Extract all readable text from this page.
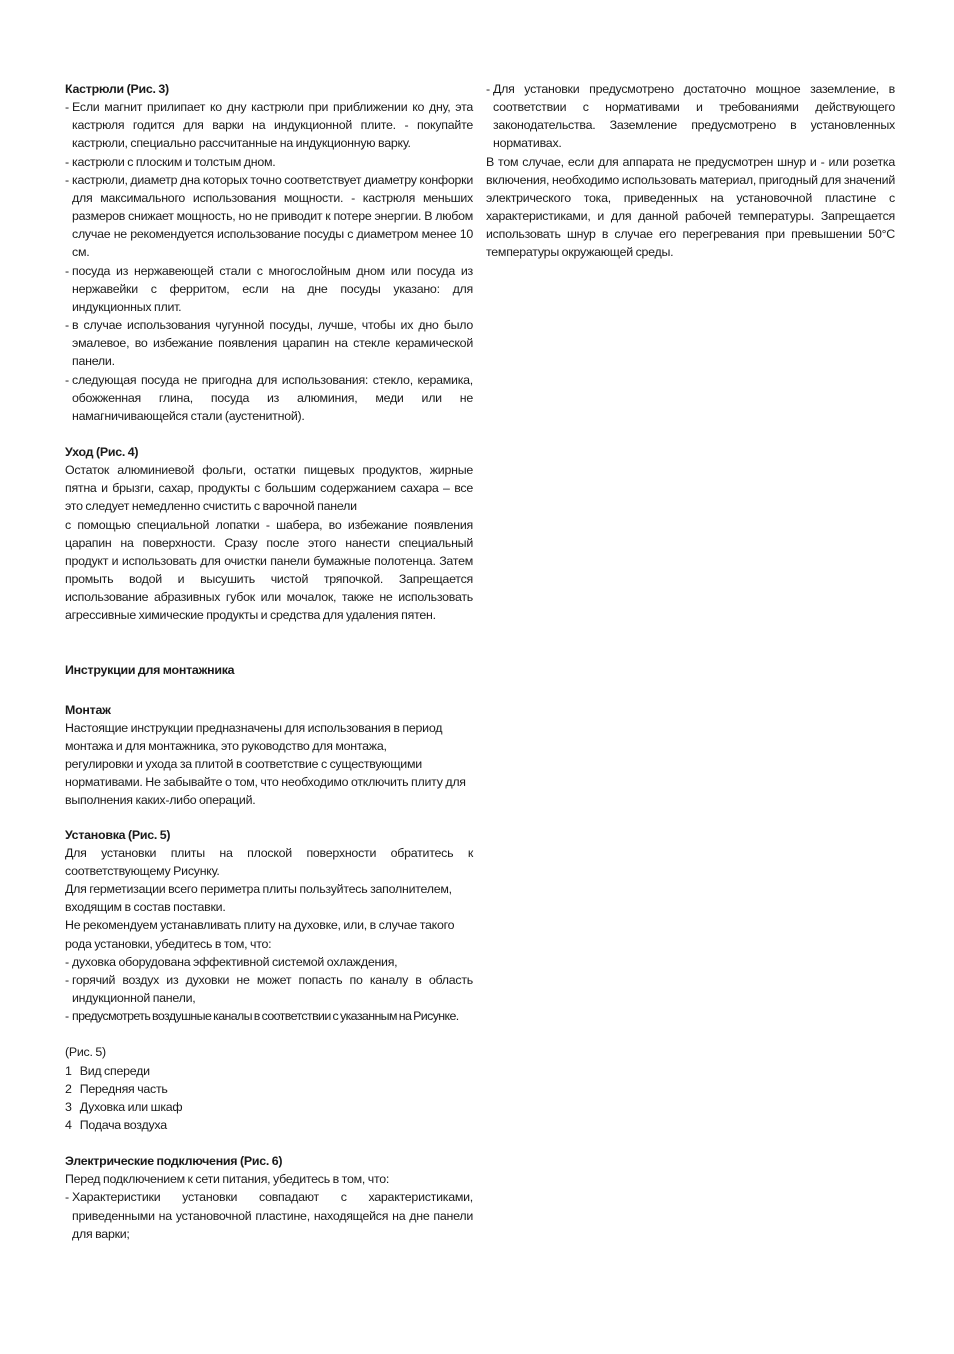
Кастрюли (Рис. 3)

- Если магнит прилипает ко дну кастрюли при приближении ко дну, эта кастрюля годится для варки на индукционной плите. - покупайте кастрюли, специально рассчитанные на индукционную варку.

- кастрюли с плоским и толстым дном.

- кастрюли, диаметр дна которых точно соответствует диаметру конфорки для максимального использования мощности. - кастрюля меньших размеров снижает мощность, но не приводит к потере энергии. В любом случае не рекомендуется использование посуды с диаметром менее 10 см.

- посуда из нержавеющей стали с многослойным дном или посуда из нержавейки с ферритом, если на дне посуды указано: для индукционных плит.

- в случае использования чугунной посуды, лучше, чтобы их дно было эмалевое, во избежание появления царапин на стекле керамической панели.

- следующая посуда не пригодна для использования: стекло, керамика, обожженная глина, посуда из алюминия, меди или не намагничивающейся стали (аустенитной).

Уход (Рис. 4)

Остаток алюминиевой фольги, остатки пищевых продуктов, жирные пятна и брызги, сахар, продукты с большим содержанием сахара – все это следует немедленно счистить с варочной панели

с помощью специальной лопатки - шабера, во избежание появления царапин на поверхности. Сразу после этого нанести специальный продукт и использовать для очистки панели бумажные полотенца. Затем промыть водой и высушить чистой тряпочкой. Запрещается использование абразивных губок или мочалок, также не использовать агрессивные химические продукты и средства для удаления пятен.

Инструкции для монтажника

Монтаж

Настоящие инструкции предназначены для использования в период монтажа и для монтажника, это руководство для монтажа,

регулировки и ухода за плитой в соответствие с существующими нормативами. Не забывайте о том, что необходимо отключить плиту для выполнения каких-либо операций.

Установка (Рис. 5)

Для установки плиты на плоской поверхности обратитесь к соответствующему Рисунку.

Для герметизации всего периметра плиты пользуйтесь заполнителем, входящим в состав поставки.

Не рекомендуем устанавливать плиту на духовке, или, в случае такого рода установки, убедитесь в том, что:

- духовка оборудована эффективной системой охлаждения,

- горячий воздух из духовки не может попасть по каналу в область индукционной панели,

- предусмотреть воздушные каналы в соответствии с указанным на Рисунке.

(Рис. 5)

1 Вид спереди

2 Передняя часть

3 Духовка или шкаф

4 Подача воздуха

Электрические подключения (Рис. 6)

Перед подключением к сети питания, убедитесь в том, что:

- Характеристики установки совпадают с характеристиками, приведенными на установочной пластине, находящейся на дне панели для варки;

- Для установки предусмотрено достаточно мощное заземление, в соответствии с нормативами и требованиями действующего законодательства. Заземление предусмотрено в установленных нормативах.

В том случае, если для аппарата не предусмотрен шнур и - или розетка включения, необходимо использовать материал, пригодный для значений электрического тока, приведенных на установочной пластине с характеристиками, и для данной рабочей температуры. Запрещается использовать шнур в случае его перегревания при превышении 50°С температуры окружающей среды.
